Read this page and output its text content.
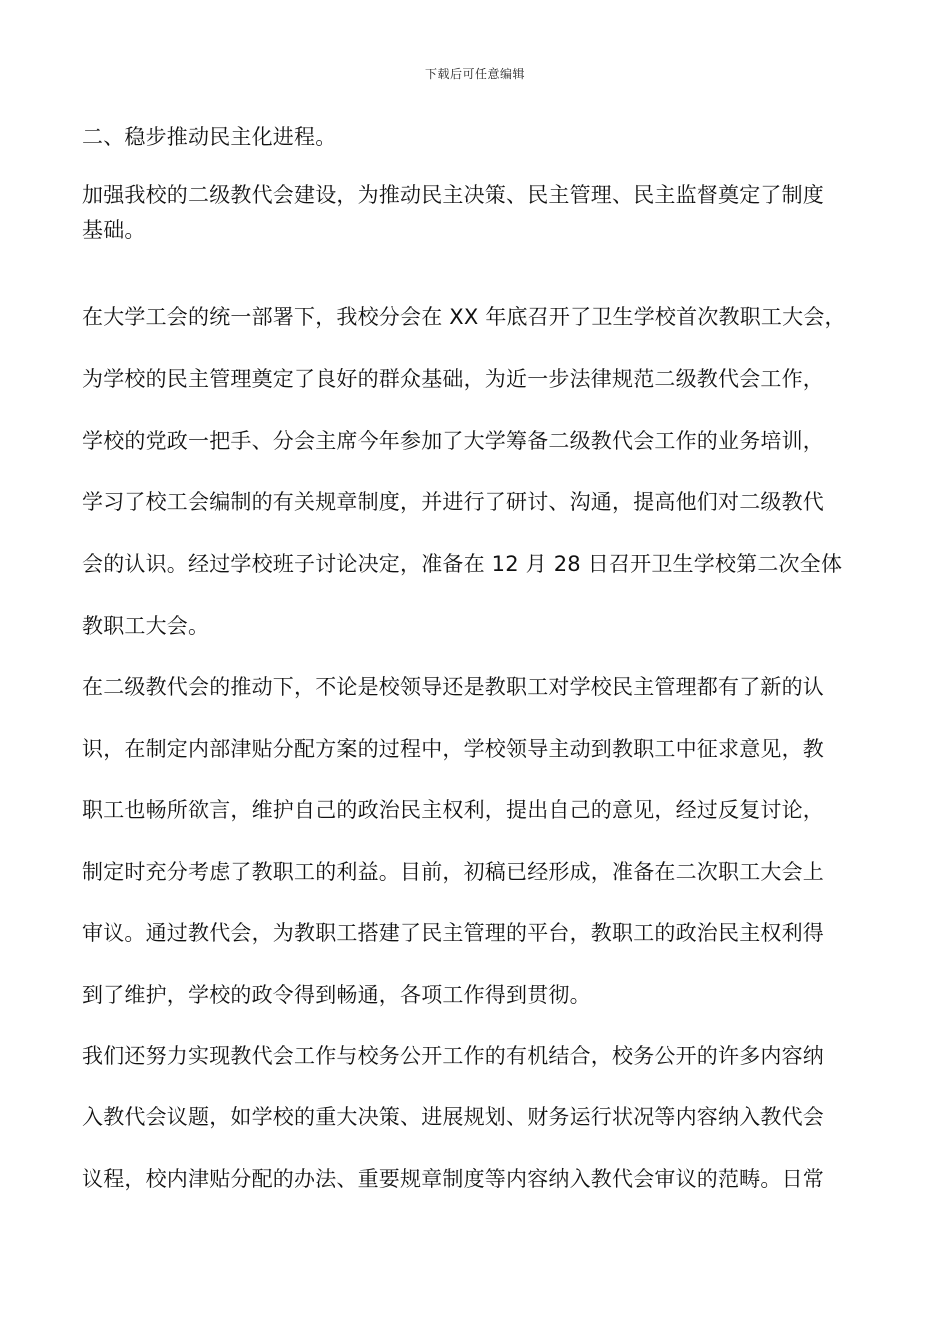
下载后可任意编辑
二、稳步推动民主化进程。
加强我校的二级教代会建设，为推动民主决策、民主管理、民主监督奠定了制度
基础。
在大学工会的统一部署下，我校分会在 XX 年底召开了卫生学校首次教职工大会，
为学校的民主管理奠定了良好的群众基础，为近一步法律规范二级教代会工作，
学校的党政一把手、分会主席今年参加了大学筹备二级教代会工作的业务培训，
学习了校工会编制的有关规章制度，并进行了研讨、沟通，提高他们对二级教代
会的认识。经过学校班子讨论决定，准备在 12 月 28 日召开卫生学校第二次全体
教职工大会。
在二级教代会的推动下，不论是校领导还是教职工对学校民主管理都有了新的认
识，在制定内部津贴分配方案的过程中，学校领导主动到教职工中征求意见，教
职工也畅所欲言，维护自己的政治民主权利，提出自己的意见，经过反复讨论，
制定时充分考虑了教职工的利益。目前，初稿已经形成，准备在二次职工大会上
审议。通过教代会，为教职工搭建了民主管理的平台，教职工的政治民主权利得
到了维护，学校的政令得到畅通，各项工作得到贯彻。
我们还努力实现教代会工作与校务公开工作的有机结合，校务公开的许多内容纳
入教代会议题，如学校的重大决策、进展规划、财务运行状况等内容纳入教代会
议程，校内津贴分配的办法、重要规章制度等内容纳入教代会审议的范畴。日常
